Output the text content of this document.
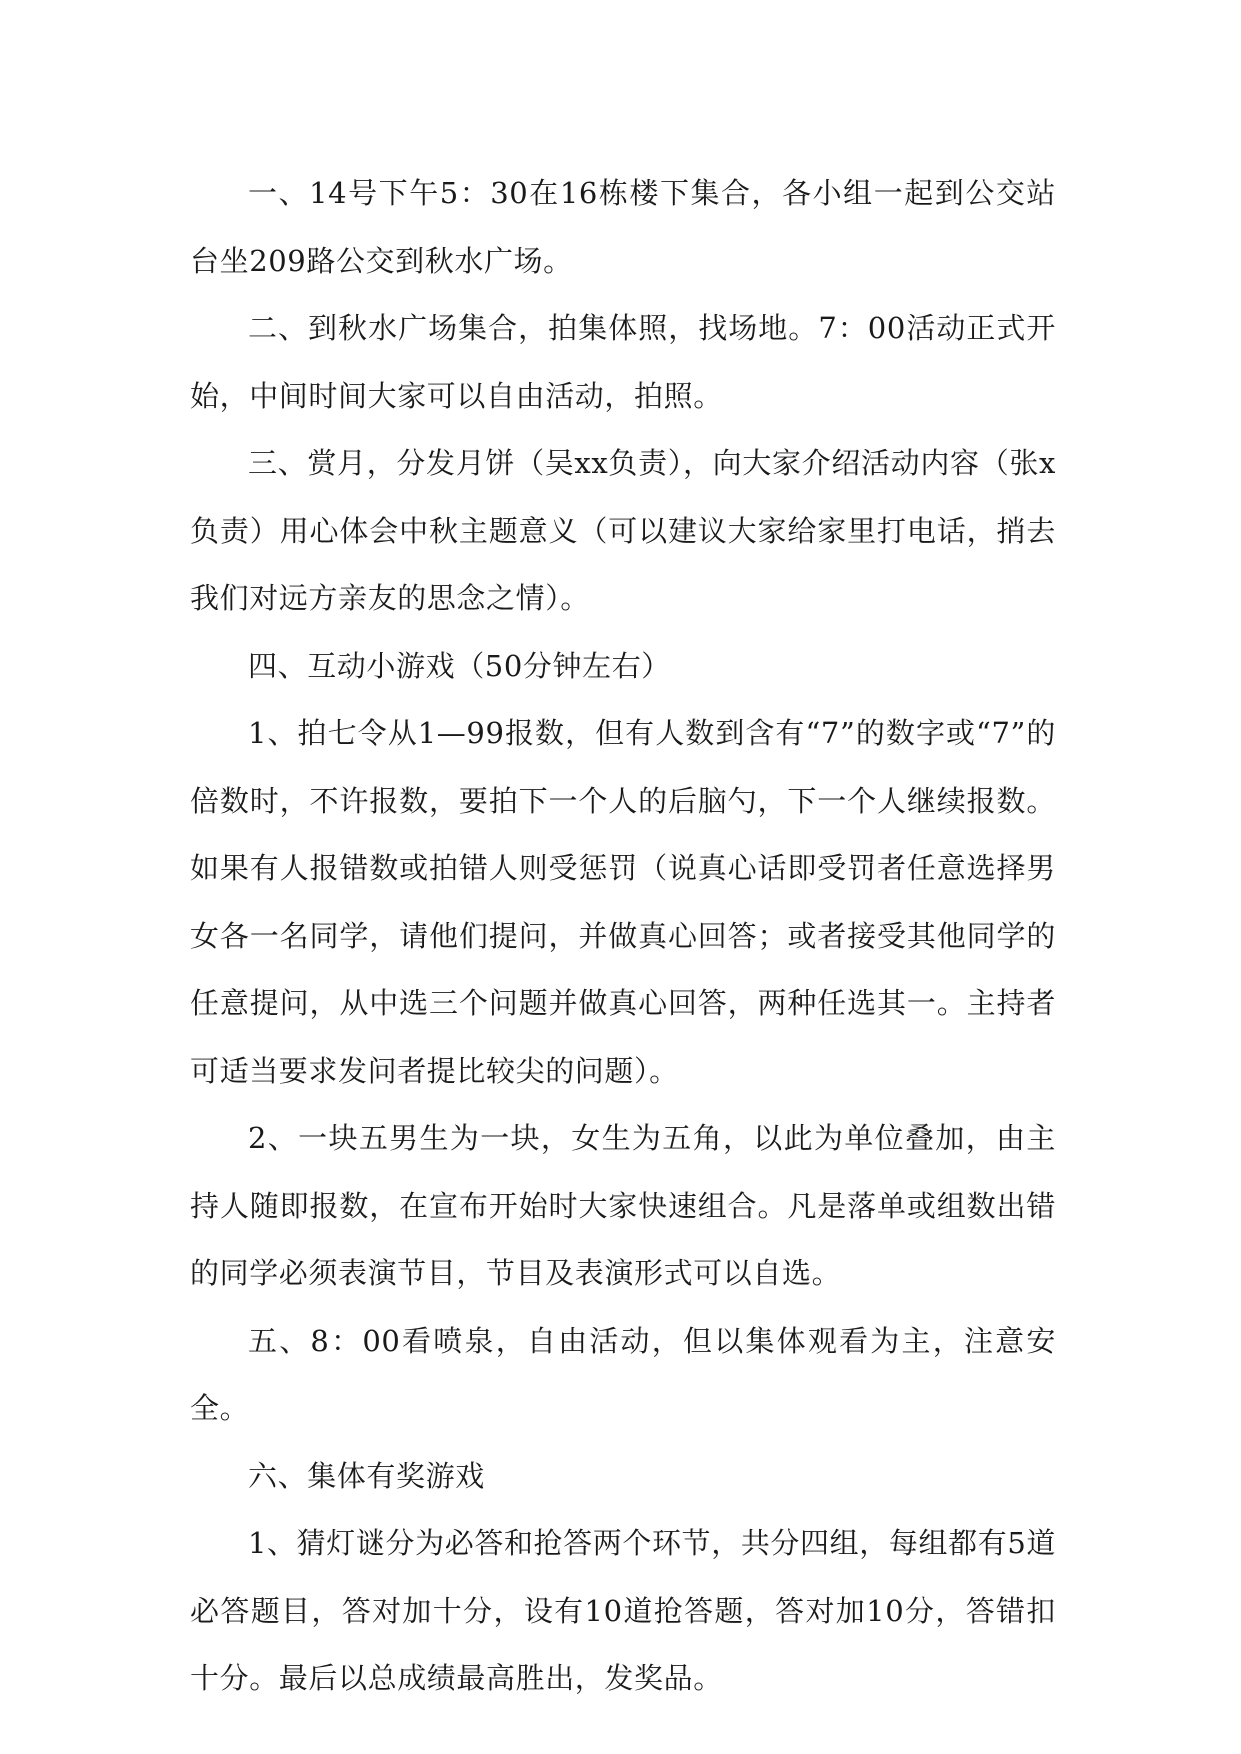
一、14号下午5：30在16栋楼下集合，各小组一起到公交站台坐209路公交到秋水广场。

二、到秋水广场集合，拍集体照，找场地。7：00活动正式开始，中间时间大家可以自由活动，拍照。

三、赏月，分发月饼（吴xx负责），向大家介绍活动内容（张x负责）用心体会中秋主题意义（可以建议大家给家里打电话，捎去我们对远方亲友的思念之情）。

四、互动小游戏（50分钟左右）

1、拍七令从1—99报数，但有人数到含有“7”的数字或“7”的倍数时，不许报数，要拍下一个人的后脑勺，下一个人继续报数。如果有人报错数或拍错人则受惩罚（说真心话即受罚者任意选择男女各一名同学，请他们提问，并做真心回答；或者接受其他同学的任意提问，从中选三个问题并做真心回答，两种任选其一。主持者可适当要求发问者提比较尖的问题）。

2、一块五男生为一块，女生为五角，以此为单位叠加，由主持人随即报数，在宣布开始时大家快速组合。凡是落单或组数出错的同学必须表演节目，节目及表演形式可以自选。

五、8：00看喷泉，自由活动，但以集体观看为主，注意安全。

六、集体有奖游戏

1、猜灯谜分为必答和抢答两个环节，共分四组，每组都有5道必答题目，答对加十分，设有10道抢答题，答对加10分，答错扣十分。最后以总成绩最高胜出，发奖品。
